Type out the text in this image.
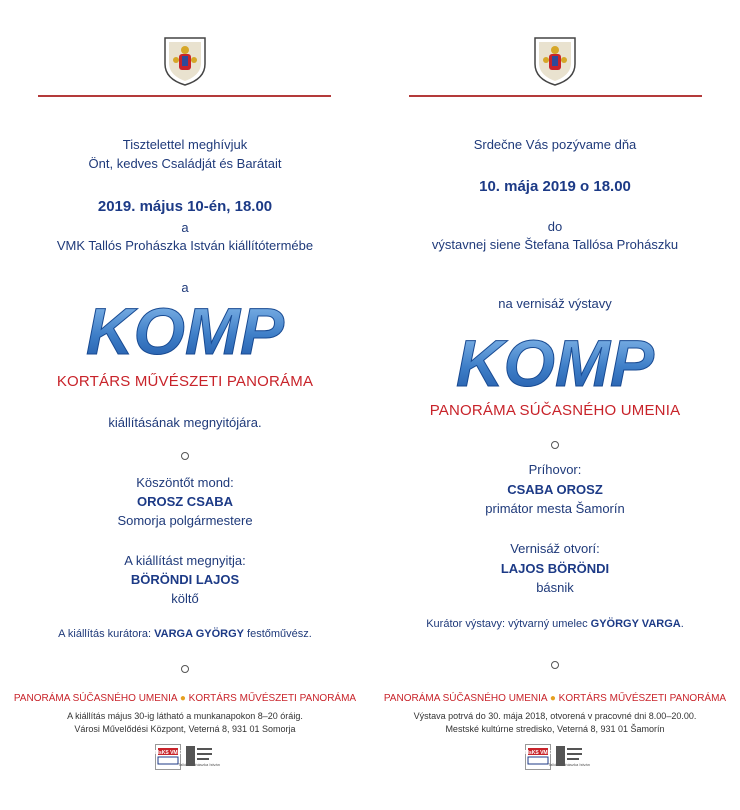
Tisztelettel meghívjuk
Önt, kedves Családját és Barátait
2019. május 10-én, 18.00
a
VMK Tallós Prohászka István kiállítótermébe
a
KOMP
KORTÁRS MŰVÉSZETI PANORÁMA
kiállításának megnyitójára.
Köszöntőt mond:
OROSZ CSABA
Somorja polgármestere
A kiállítást megnyitja:
BÖRÖNDI LAJOS
költő
A kiállítás kurátora: VARGA GYÖRGY festőművész.
PANORÁMA SÚČASNÉHO UMENIA ● KORTÁRS MŰVÉSZETI PANORÁMA
A kiállítás május 30-ig látható a munkanapokon 8–20 óráig.
Városi Művelődési Központ, Veterná 8, 931 01 Somorja
MsKS VMK
Tallós Prohászka István
Srdečne Vás pozývame dňa
10. mája 2019 o 18.00
do
výstavnej siene Štefana Tallósa Prohászku
na vernisáž výstavy
KOMP
PANORÁMA SÚČASNÉHO UMENIA
Príhovor:
CSABA OROSZ
primátor mesta Šamorín
Vernisáž otvorí:
LAJOS BÖRÖNDI
básnik
Kurátor výstavy: výtvarný umelec GYÖRGY VARGA.
PANORÁMA SÚČASNÉHO UMENIA ● KORTÁRS MŰVÉSZETI PANORÁMA
Výstava potrvá do 30. mája 2018, otvorená v pracovné dni 8.00–20.00.
Mestské kultúrne stredisko, Veterná 8, 931 01 Šamorín
MsKS VMK
Tallós Prohászka István
